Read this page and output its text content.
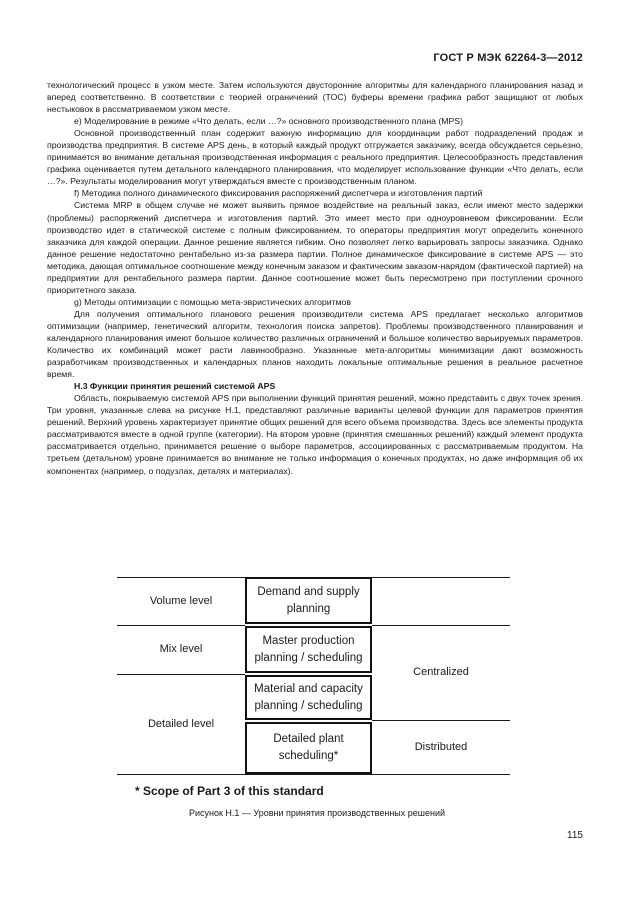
ГОСТ Р МЭК 62264-3—2012

технологический процесс в узком месте. Затем используются двусторонние алгоритмы для календарного планирования назад и вперед соответственно. В соответствии с теорией ограничений (TOC) буферы времени графика работ защищают от любых нестыковок в рассматриваемом узком месте.

e) Моделирование в режиме «Что делать, если …?» основного производственного плана (MPS)

Основной производственный план содержит важную информацию для координации работ подразделений продаж и производства предприятия. В системе APS день, в который каждый продукт отгружается заказчику, всегда обсуждается серьезно, принимается во внимание детальная производственная информация с реального предприятия. Целесообразность представления графика оценивается путем детального календарного планирования, что моделирует использование функции «Что делать, если …?». Результаты моделирования могут утверждаться вместе с производственным планом.

f) Методика полного динамического фиксирования распоряжений диспетчера и изготовления партий

Система MRP в общем случае не может выявить прямое воздействие на реальный заказ, если имеют место задержки (проблемы) распоряжений диспетчера и изготовления партий. Это имеет место при одноуровневом фиксировании. Если производство идет в статической системе с полным фиксированием, то операторы предприятия могут определить конечного заказчика для каждой операции. Данное решение является гибким. Оно позволяет легко варьировать запросы заказчика. Однако данное решение недостаточно рентабельно из-за размера партии. Полное динамическое фиксирование в системе APS — это методика, дающая оптимальное соотношение между конечным заказом и фактическим заказом-нарядом (фактической партией) на предприятии для рентабельного размера партии. Данное соотношение может быть пересмотрено при поступлении срочного приоритетного заказа.

g) Методы оптимизации с помощью мета-эвристических алгоритмов

Для получения оптимального планового решения производители система APS предлагает несколько алгоритмов оптимизации (например, генетический алгоритм, технология поиска запретов). Проблемы производственного планирования и календарного планирования имеют большое количество различных ограничений и большое количество варьируемых параметров. Количество их комбинаций может расти лавинообразно. Указанные мета-алгоритмы минимизации дают возможность разработчикам производственных и календарных планов находить локальные оптимальные решения в реальное расчетное время.

H.3 Функции принятия решений системой APS

Область, покрываемую системой APS при выполнении функций принятия решений, можно представить с двух точек зрения. Три уровня, указанные слева на рисунке H.1, представляют различные варианты целевой функции для параметров принятия решений. Верхний уровень характеризует принятие общих решений для всего объема производства. Здесь все элементы продукта рассматриваются вместе в одной группе (категории). На втором уровне (принятия смешанных решений) каждый элемент продукта рассматривается отдельно, принимается решение о выборе параметров, ассоциированных с рассматриваемым продуктом. На третьем (детальном) уровне принимается во внимание не только информация о конечных продуктах, но даже информация об их компонентах (например, о подузлах, деталях и материалах).

Volume level
Mix level
Detailed level
Demand and supply planning
Master production planning / scheduling
Material and capacity planning / scheduling
Detailed plant scheduling*
Centralized
Distributed
* Scope of Part 3 of this standard
Рисунок H.1 — Уровни принятия производственных решений
115
